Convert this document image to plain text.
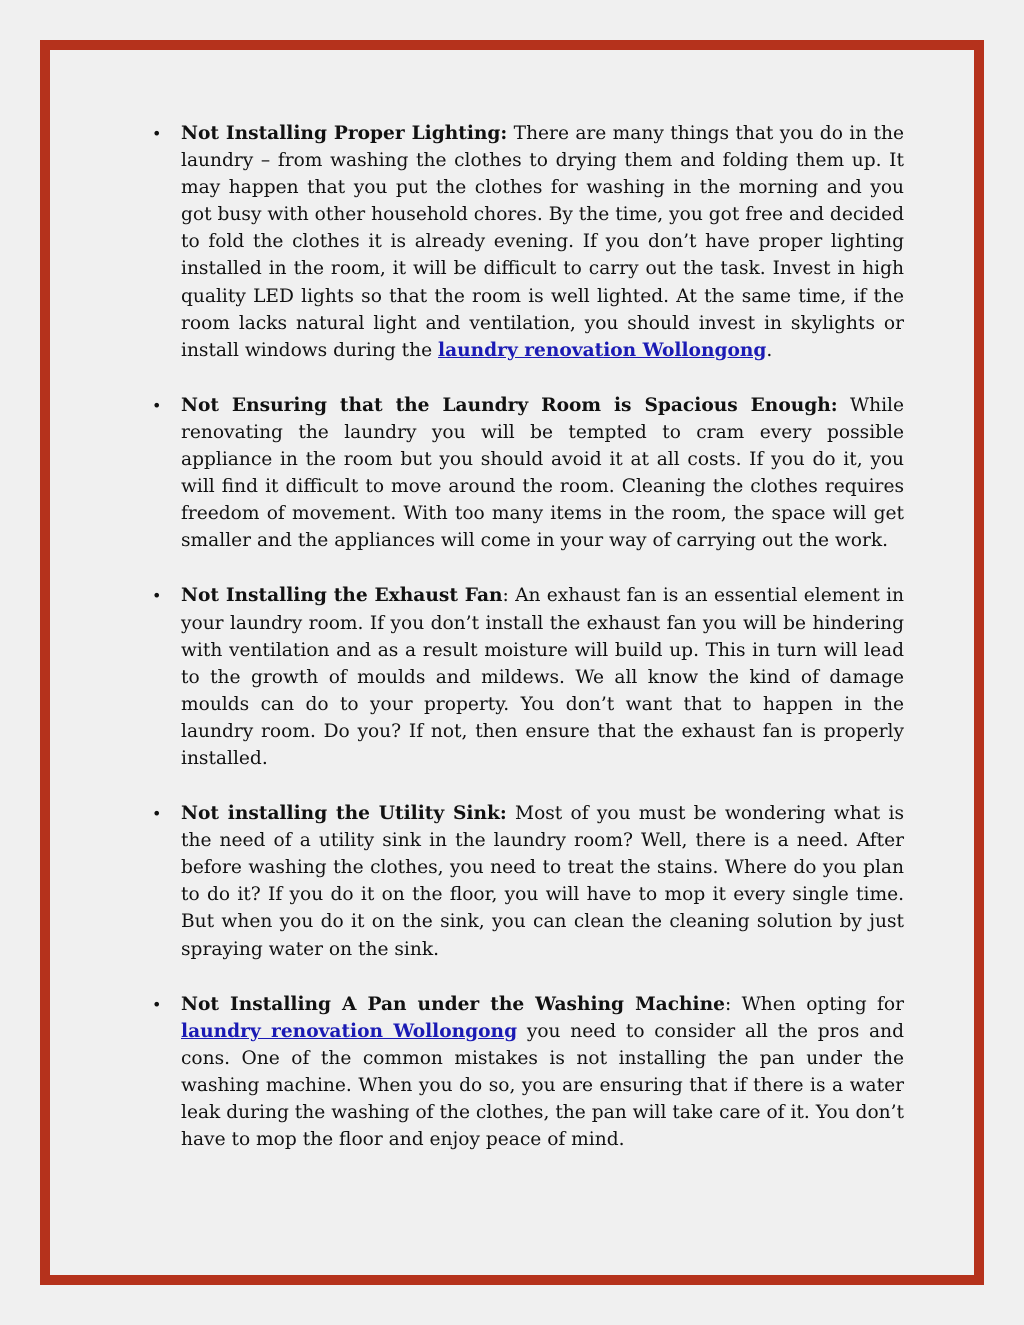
• Not Installing Proper Lighting: There are many things that you do in the laundry – from washing the clothes to drying them and folding them up. It may happen that you put the clothes for washing in the morning and you got busy with other household chores. By the time, you got free and decided to fold the clothes it is already evening. If you don’t have proper lighting installed in the room, it will be difficult to carry out the task. Invest in high quality LED lights so that the room is well lighted. At the same time, if the room lacks natural light and ventilation, you should invest in skylights or install windows during the laundry renovation Wollongong.
• Not Ensuring that the Laundry Room is Spacious Enough: While renovating the laundry you will be tempted to cram every possible appliance in the room but you should avoid it at all costs. If you do it, you will find it difficult to move around the room. Cleaning the clothes requires freedom of movement. With too many items in the room, the space will get smaller and the appliances will come in your way of carrying out the work.
• Not Installing the Exhaust Fan: An exhaust fan is an essential element in your laundry room. If you don’t install the exhaust fan you will be hindering with ventilation and as a result moisture will build up. This in turn will lead to the growth of moulds and mildews. We all know the kind of damage moulds can do to your property. You don’t want that to happen in the laundry room. Do you? If not, then ensure that the exhaust fan is properly installed.
• Not installing the Utility Sink: Most of you must be wondering what is the need of a utility sink in the laundry room? Well, there is a need. After before washing the clothes, you need to treat the stains. Where do you plan to do it? If you do it on the floor, you will have to mop it every single time. But when you do it on the sink, you can clean the cleaning solution by just spraying water on the sink.
• Not Installing A Pan under the Washing Machine: When opting for laundry renovation Wollongong you need to consider all the pros and cons. One of the common mistakes is not installing the pan under the washing machine. When you do so, you are ensuring that if there is a water leak during the washing of the clothes, the pan will take care of it. You don’t have to mop the floor and enjoy peace of mind.
